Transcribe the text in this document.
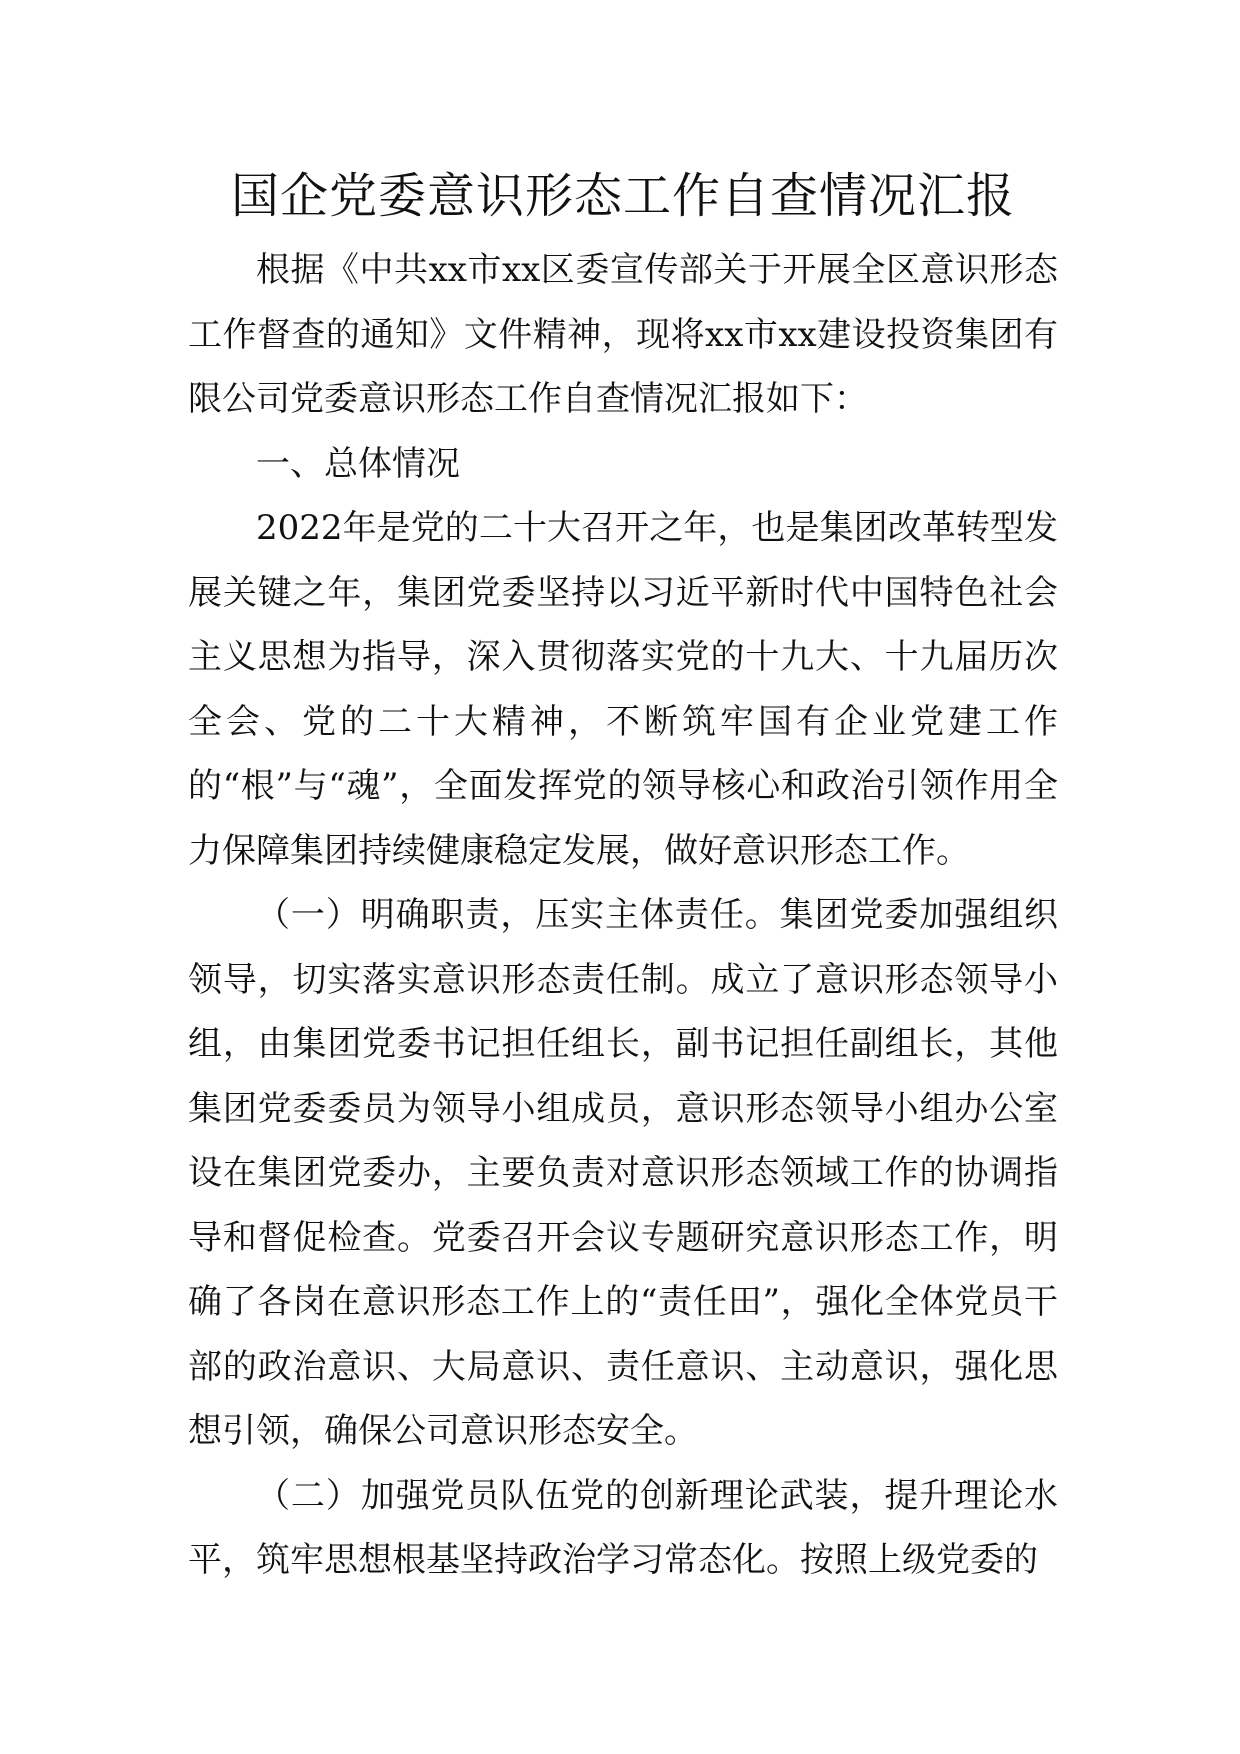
国企党委意识形态工作自查情况汇报

根据《中共xx市xx区委宣传部关于开展全区意识形态工作督查的通知》文件精神，现将xx市xx建设投资集团有限公司党委意识形态工作自查情况汇报如下：

一、总体情况

2022年是党的二十大召开之年，也是集团改革转型发展关键之年，集团党委坚持以习近平新时代中国特色社会主义思想为指导，深入贯彻落实党的十九大、十九届历次全会、党的二十大精神，不断筑牢国有企业党建工作的“根”与“魂”，全面发挥党的领导核心和政治引领作用全力保障集团持续健康稳定发展，做好意识形态工作。

（一）明确职责，压实主体责任。集团党委加强组织领导，切实落实意识形态责任制。成立了意识形态领导小组，由集团党委书记担任组长，副书记担任副组长，其他集团党委委员为领导小组成员，意识形态领导小组办公室设在集团党委办，主要负责对意识形态领域工作的协调指导和督促检查。党委召开会议专题研究意识形态工作，明确了各岗在意识形态工作上的“责任田”，强化全体党员干部的政治意识、大局意识、责任意识、主动意识，强化思想引领，确保公司意识形态安全。

（二）加强党员队伍党的创新理论武装，提升理论水平，筑牢思想根基坚持政治学习常态化。按照上级党委的
